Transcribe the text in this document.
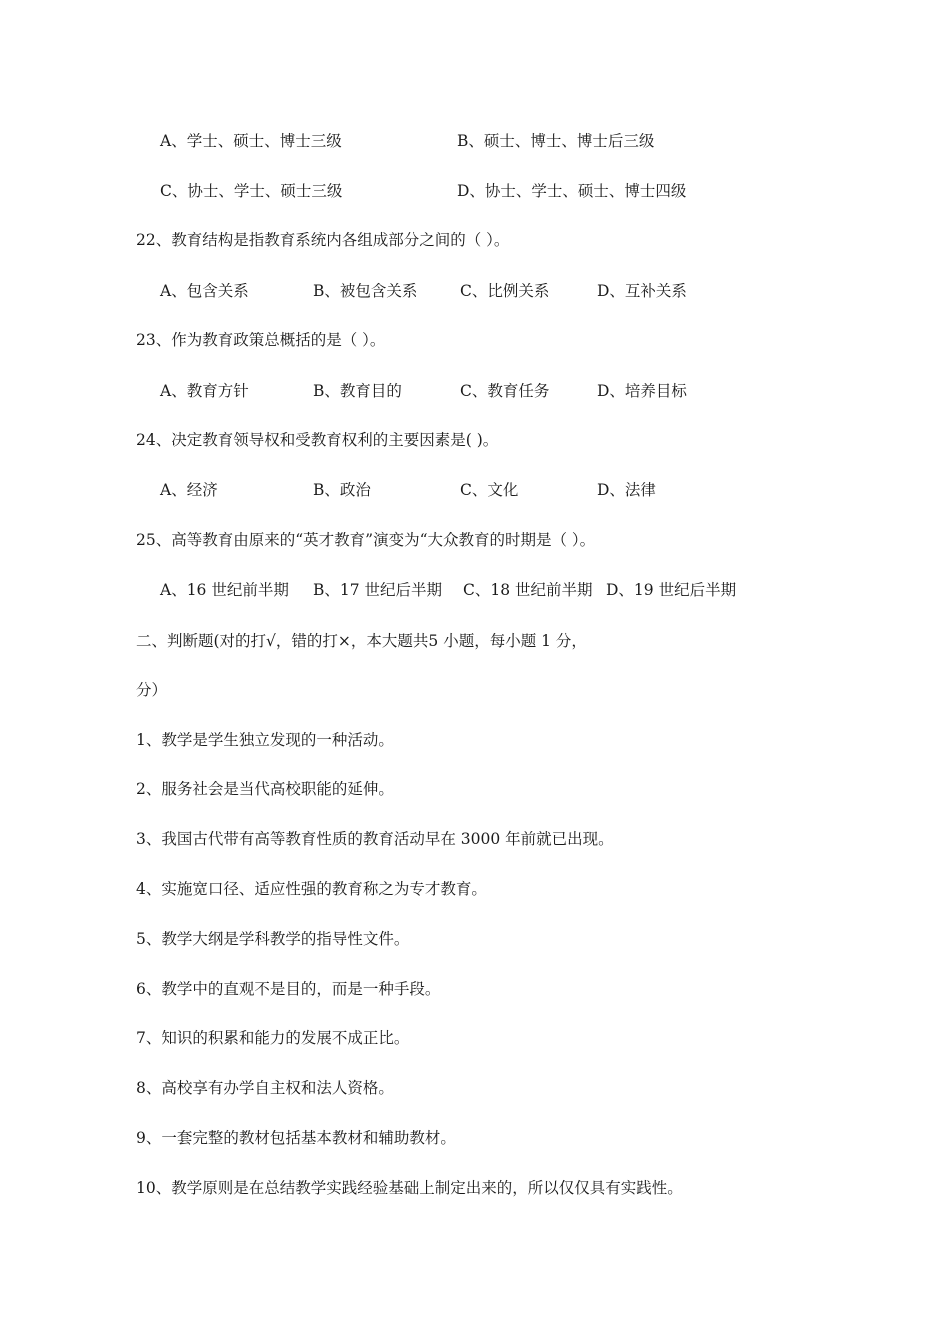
A、学士、硕士、博士三级	B、硕士、博士、博士后三级
C、协士、学士、硕士三级	D、协士、学士、硕士、博士四级
22、教育结构是指教育系统内各组成部分之间的（ ）。
A、包含关系	B、被包含关系	C、比例关系	D、互补关系
23、作为教育政策总概括的是（ ）。
A、教育方针	B、教育目的	C、教育任务	D、培养目标
24、决定教育领导权和受教育权利的主要因素是( )。
A、经济	B、政治	C、文化	D、法律
25、高等教育由原来的“英才教育”演变为“大众教育的时期是（ ）。
A、16 世纪前半期 B、17 世纪后半期 C、18 世纪前半期 D、19 世纪后半期
二、判断题(对的打√，错的打×，本大题共5 小题，每小题 1 分，
分）
1、教学是学生独立发现的一种活动。
2、服务社会是当代高校职能的延伸。
3、我国古代带有高等教育性质的教育活动早在 3000 年前就已出现。
4、实施宽口径、适应性强的教育称之为专才教育。
5、教学大纲是学科教学的指导性文件。
6、教学中的直观不是目的，而是一种手段。
7、知识的积累和能力的发展不成正比。
8、高校享有办学自主权和法人资格。
9、一套完整的教材包括基本教材和辅助教材。
10、教学原则是在总结教学实践经验基础上制定出来的，所以仅仅具有实践性。
